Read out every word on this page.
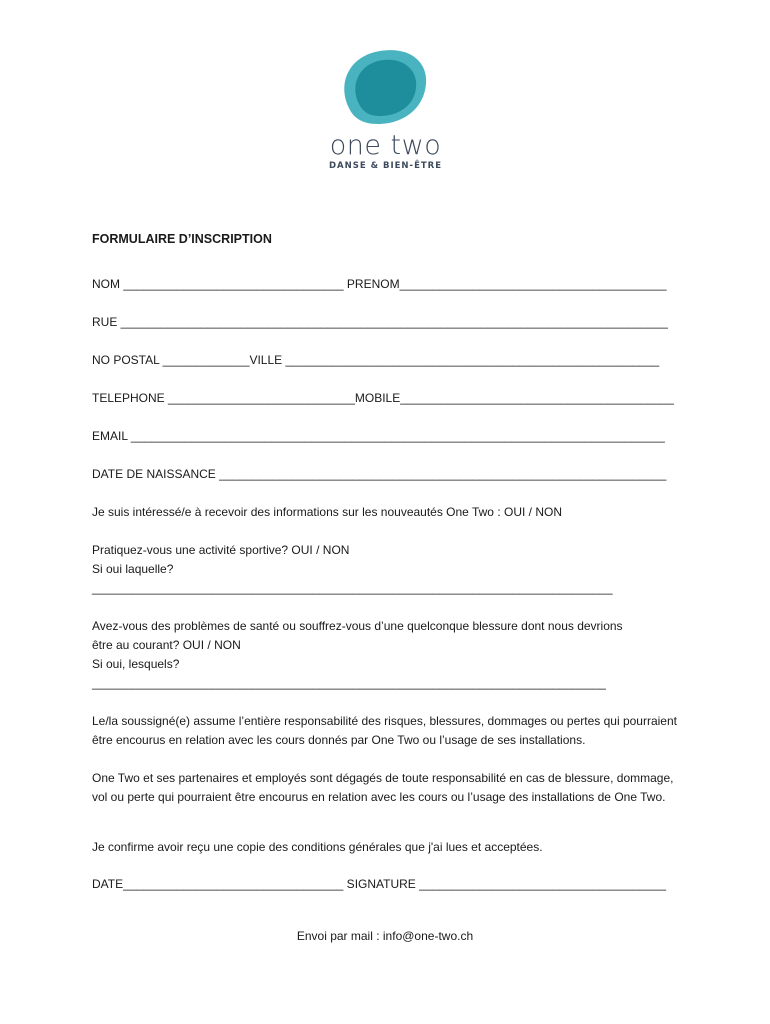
one two
DANSE & BIEN-ÊTRE
FORMULAIRE D’INSCRIPTION
NOM _________________________________ PRENOM________________________________________
RUE __________________________________________________________________________________
NO POSTAL _____________VILLE ________________________________________________________
TELEPHONE ____________________________MOBILE_________________________________________
EMAIL ________________________________________________________________________________
DATE DE NAISSANCE ___________________________________________________________________
Je suis intéressé/e à recevoir des informations sur les nouveautés One Two : OUI / NON
Pratiquez-vous une activité sportive? OUI / NON
Si oui laquelle?
______________________________________________________________________________
Avez-vous des problèmes de santé ou souffrez-vous d’une quelconque blessure dont nous devrions
être au courant? OUI / NON
Si oui, lesquels?
_____________________________________________________________________________
Le/la soussigné(e) assume l’entière responsabilité des risques, blessures, dommages ou pertes qui pourraient être encourus en relation avec les cours donnés par One Two ou l’usage de ses installations.
One Two et ses partenaires et employés sont dégagés de toute responsabilité en cas de blessure, dommage, vol ou perte qui pourraient être encourus en relation avec les cours ou l’usage des installations de One Two.
Je confirme avoir reçu une copie des conditions générales que j'ai lues et acceptées.
DATE_________________________________ SIGNATURE _____________________________________
Envoi par mail : info@one-two.ch
